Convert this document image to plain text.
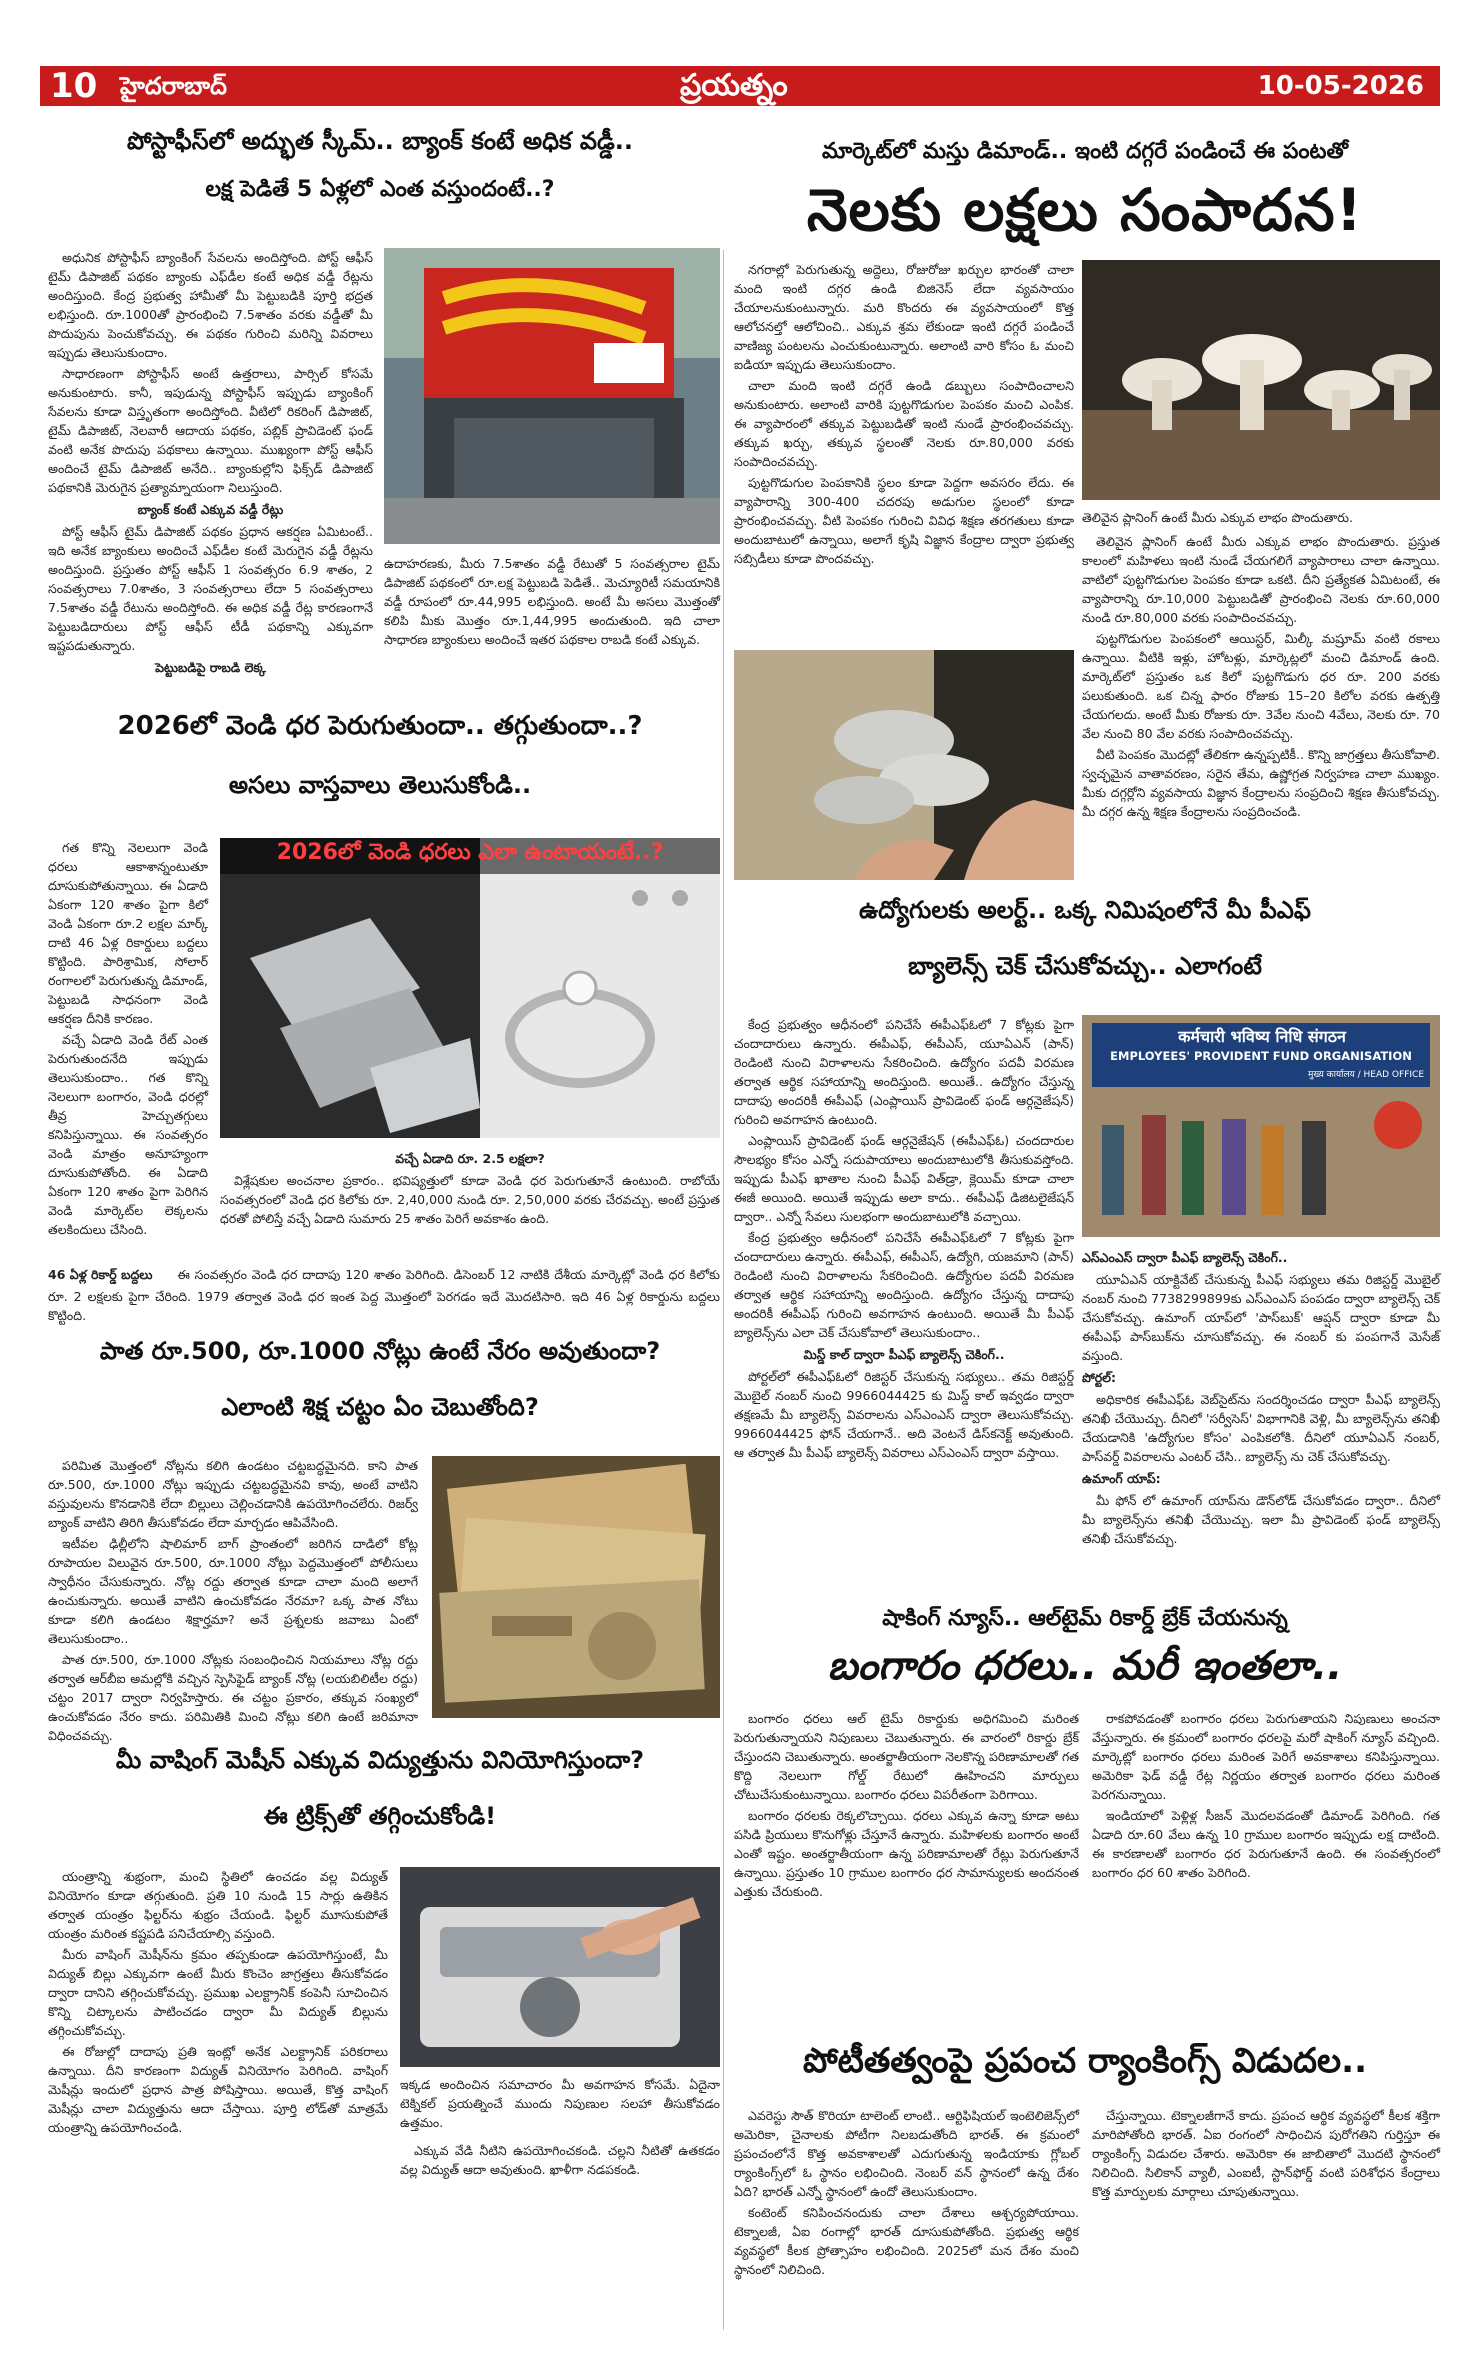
10 హైదరాబాద్	ప్రయత్నం	10-05-2026
పోస్టాఫీస్‌లో అద్భుత స్కీమ్.. బ్యాంక్ కంటే అధిక వడ్డీ..
లక్ష పెడితే 5 ఏళ్లలో ఎంత వస్తుందంటే..?

అధునిక పోస్టాఫీస్ బ్యాంకింగ్ సేవలను అందిస్తోంది. పోస్ట్ ఆఫీస్ టైమ్ డిపాజిట్ పథకం బ్యాంకు ఎఫ్‌డీల కంటే అధిక వడ్డీ రేట్లను అందిస్తుంది. కేంద్ర ప్రభుత్వ హామీతో మీ పెట్టుబడికి పూర్తి భద్రత లభిస్తుంది. రూ.1000తో ప్రారంభించి 7.5శాతం వరకు వడ్డీతో మీ పొదుపును పెంచుకోవచ్చు. ఈ పథకం గురించి మరిన్ని వివరాలు ఇప్పుడు తెలుసుకుందాం.

సాధారణంగా పోస్టాఫీస్ అంటే ఉత్తరాలు, పార్సిల్ కోసమే అనుకుంటారు. కానీ, ఇపుడున్న పోస్టాఫీస్ ఇప్పుడు బ్యాంకింగ్ సేవలను కూడా విస్తృతంగా అందిస్తోంది. వీటిలో రికరింగ్ డిపాజిట్, టైమ్ డిపాజిట్, నెలవారీ ఆదాయ పథకం, పబ్లిక్ ప్రావిడెంట్ ఫండ్ వంటి అనేక పొదుపు పథకాలు ఉన్నాయి. ముఖ్యంగా పోస్ట్ ఆఫీస్ అందించే టైమ్ డిపాజిట్ అనేది.. బ్యాంకుల్లోని ఫిక్స్‌డ్ డిపాజిట్ పథకానికి మెరుగైన ప్రత్యామ్నాయంగా నిలుస్తుంది.

బ్యాంక్ కంటే ఎక్కువ వడ్డీ రేట్లు

పోస్ట్ ఆఫీస్ టైమ్ డిపాజిట్ పథకం ప్రధాన ఆకర్షణ ఏమిటంటే.. ఇది అనేక బ్యాంకులు అందించే ఎఫ్‌డీల కంటే మెరుగైన వడ్డీ రేట్లను అందిస్తుంది. ప్రస్తుతం పోస్ట్ ఆఫీస్ 1 సంవత్సరం 6.9 శాతం, 2 సంవత్సరాలు 7.0శాతం, 3 సంవత్సరాలు లేదా 5 సంవత్సరాలు 7.5శాతం వడ్డీ రేటును అందిస్తోంది. ఈ అధిక వడ్డీ రేట్ల కారణంగానే పెట్టుబడిదారులు పోస్ట్ ఆఫీస్ టీడీ పథకాన్ని ఎక్కువగా ఇష్టపడుతున్నారు.

పెట్టుబడిపై రాబడి లెక్క

ఉదాహరణకు, మీరు 7.5శాతం వడ్డీ రేటుతో 5 సంవత్సరాల టైమ్ డిపాజిట్ పథకంలో రూ.లక్ష పెట్టుబడి పెడితే.. మెచ్యూరిటీ సమయానికి వడ్డీ రూపంలో రూ.44,995 లభిస్తుంది. అంటే మీ అసలు మొత్తంతో కలిపి మీకు మొత్తం రూ.1,44,995 అందుతుంది. ఇది చాలా సాధారణ బ్యాంకులు అందించే ఇతర పథకాల రాబడి కంటే ఎక్కువ.
2026లో వెండి ధర పెరుగుతుందా.. తగ్గుతుందా..?
అసలు వాస్తవాలు తెలుసుకోండి..

గత కొన్ని నెలలుగా వెండి ధరలు ఆకాశాన్నంటుతూ దూసుకుపోతున్నాయి. ఈ ఏడాది ఏకంగా 120 శాతం పైగా కిలో వెండి ఏకంగా రూ.2 లక్షల మార్క్ దాటి 46 ఏళ్ల రికార్డులు బద్దలు కొట్టింది. పారిశ్రామిక, సోలార్ రంగాలలో పెరుగుతున్న డిమాండ్, పెట్టుబడి సాధనంగా వెండి ఆకర్షణ దీనికి కారణం.

వచ్చే ఏడాది వెండి రేట్ ఎంత పెరుగుతుందనేది ఇప్పుడు తెలుసుకుందాం.. గత కొన్ని నెలలుగా బంగారం, వెండి ధరల్లో తీవ్ర హెచ్చుతగ్గులు కనిపిస్తున్నాయి. ఈ సంవత్సరం వెండి మాత్రం అనూహ్యంగా దూసుకుపోతోంది. ఈ ఏడాది ఏకంగా 120 శాతం పైగా పెరిగిన వెండి మార్కెట్‌ల లెక్కలను తలకిందులు చేసింది.

2026లో వెండి ధరలు ఎలా ఉంటాయంటే..?

వచ్చే ఏడాది రూ. 2.5 లక్షలా?

విశ్లేషకుల అంచనాల ప్రకారం.. భవిష్యత్తులో కూడా వెండి ధర పెరుగుతూనే ఉంటుంది. రాబోయే సంవత్సరంలో వెండి ధర కిలోకు రూ. 2,40,000 నుండి రూ. 2,50,000 వరకు చేరవచ్చు. అంటే ప్రస్తుత ధరతో పోలిస్తే వచ్చే ఏడాది సుమారు 25 శాతం పెరిగే అవకాశం ఉంది.

46 ఏళ్ల రికార్డ్ బద్దలు ఈ సంవత్సరం వెండి ధర దాదాపు 120 శాతం పెరిగింది. డిసెంబర్ 12 నాటికి దేశీయ మార్కెట్లో వెండి ధర కిలోకు రూ. 2 లక్షలకు పైగా చేరింది. 1979 తర్వాత వెండి ధర ఇంత పెద్ద మొత్తంలో పెరగడం ఇదే మొదటిసారి. ఇది 46 ఏళ్ల రికార్డును బద్దలు కొట్టింది.
పాత రూ.500, రూ.1000 నోట్లు ఉంటే నేరం అవుతుందా?
ఎలాంటి శిక్ష చట్టం ఏం చెబుతోంది?

పరిమిత మొత్తంలో నోట్లను కలిగి ఉండటం చట్టబద్ధమైనది. కాని పాత రూ.500, రూ.1000 నోట్లు ఇప్పుడు చట్టబద్ధమైనవి కావు, అంటే వాటిని వస్తువులను కొనడానికి లేదా బిల్లులు చెల్లించడానికి ఉపయోగించలేరు. రిజర్వ్ బ్యాంక్ వాటిని తిరిగి తీసుకోవడం లేదా మార్చడం ఆపివేసింది.

ఇటీవల ఢిల్లీలోని షాలిమార్ బాగ్ ప్రాంతంలో జరిగిన దాడిలో కోట్ల రూపాయల విలువైన రూ.500, రూ.1000 నోట్లు పెద్దమొత్తంలో పోలీసులు స్వాధీనం చేసుకున్నారు. నోట్ల రద్దు తర్వాత కూడా చాలా మంది అలాగే ఉంచుకున్నారు. అయితే వాటిని ఉంచుకోవడం నేరమా? ఒక్క పాత నోటు కూడా కలిగి ఉండటం శిక్షార్హమా? అనే ప్రశ్నలకు జవాబు ఏంటో తెలుసుకుందాం..

పాత రూ.500, రూ.1000 నోట్లకు సంబంధించిన నియమాలు నోట్ల రద్దు తర్వాత ఆర్‌బీఐ అమల్లోకి వచ్చిన స్పెసిఫైడ్ బ్యాంక్ నోట్ల (లయబిలిటీల రద్దు) చట్టం 2017 ద్వారా నిర్వహిస్తారు. ఈ చట్టం ప్రకారం, తక్కువ సంఖ్యలో ఉంచుకోవడం నేరం కాదు. పరిమితికి మించి నోట్లు కలిగి ఉంటే జరిమానా విధించవచ్చు.

మీ వాషింగ్ మెషీన్ ఎక్కువ విద్యుత్తును వినియోగిస్తుందా?
ఈ ట్రిక్స్‌తో తగ్గించుకోండి!

యంత్రాన్ని శుభ్రంగా, మంచి స్థితిలో ఉంచడం వల్ల విద్యుత్ వినియోగం కూడా తగ్గుతుంది. ప్రతి 10 నుండి 15 సార్లు ఉతికిన తర్వాత యంత్రం ఫిల్టర్‌ను శుభ్రం చేయండి. ఫిల్టర్ మూసుకుపోతే యంత్రం మరింత కష్టపడి పనిచేయాల్సి వస్తుంది.

మీరు వాషింగ్ మెషీన్‌ను క్రమం తప్పకుండా ఉపయోగిస్తుంటే, మీ విద్యుత్ బిల్లు ఎక్కువగా ఉంటే మీరు కొంచెం జాగ్రత్తలు తీసుకోవడం ద్వారా దానిని తగ్గించుకోవచ్చు. ప్రముఖ ఎలక్ట్రానిక్ కంపెనీ సూచించిన కొన్ని చిట్కాలను పాటించడం ద్వారా మీ విద్యుత్ బిల్లును తగ్గించుకోవచ్చు.

ఈ రోజుల్లో దాదాపు ప్రతి ఇంట్లో అనేక ఎలక్ట్రానిక్ పరికరాలు ఉన్నాయి. దీని కారణంగా విద్యుత్ వినియోగం పెరిగింది. వాషింగ్ మెషీన్లు ఇందులో ప్రధాన పాత్ర పోషిస్తాయి. అయితే, కొత్త వాషింగ్ మెషీన్లు చాలా విద్యుత్తును ఆదా చేస్తాయి. పూర్తి లోడ్‌తో మాత్రమే యంత్రాన్ని ఉపయోగించండి.

ఇక్కడ అందించిన సమాచారం మీ అవగాహన కోసమే. ఏదైనా టెక్నికల్ ప్రయత్నించే ముందు నిపుణుల సలహా తీసుకోవడం ఉత్తమం.

ఎక్కువ వేడి నీటిని ఉపయోగించకండి. చల్లని నీటితో ఉతకడం వల్ల విద్యుత్ ఆదా అవుతుంది. ఖాళీగా నడపకండి.

మార్కెట్‌లో మస్తు డిమాండ్.. ఇంటి దగ్గరే పండించే ఈ పంటతో
నెలకు లక్షలు సంపాదన!

నగరాల్లో పెరుగుతున్న అద్దెలు, రోజురోజు ఖర్చుల భారంతో చాలా మంది ఇంటి దగ్గర ఉండి బిజినెస్ లేదా వ్యవసాయం చేయాలనుకుంటున్నారు. మరి కొందరు ఈ వ్యవసాయంలో కొత్త ఆలోచనల్తో ఆలోచించి.. ఎక్కువ శ్రమ లేకుండా ఇంటి దగ్గరే పండించే వాణిజ్య పంటలను ఎంచుకుంటున్నారు. అలాంటి వారి కోసం ఓ మంచి ఐడియా ఇప్పుడు తెలుసుకుందాం.

చాలా మంది ఇంటి దగ్గరే ఉండి డబ్బులు సంపాదించాలని అనుకుంటారు. అలాంటి వారికి పుట్టగొడుగుల పెంపకం మంచి ఎంపిక. ఈ వ్యాపారంలో తక్కువ పెట్టుబడితో ఇంటి నుండే ప్రారంభించవచ్చు. తక్కువ ఖర్చు, తక్కువ స్థలంతో నెలకు రూ.80,000 వరకు సంపాదించవచ్చు.

పుట్టగొడుగుల పెంపకానికి స్థలం కూడా పెద్దగా అవసరం లేదు. ఈ వ్యాపారాన్ని 300-400 చదరపు అడుగుల స్థలంలో కూడా ప్రారంభించవచ్చు. వీటి పెంపకం గురించి వివిధ శిక్షణ తరగతులు కూడా అందుబాటులో ఉన్నాయి, అలాగే కృషి విజ్ఞాన కేంద్రాల ద్వారా ప్రభుత్వ సబ్సిడీలు కూడా పొందవచ్చు.

తెలివైన ప్లానింగ్ ఉంటే మీరు ఎక్కువ లాభం పొందుతారు.

తెలివైన ప్లానింగ్ ఉంటే మీరు ఎక్కువ లాభం పొందుతారు. ప్రస్తుత కాలంలో మహిళలు ఇంటి నుండే చేయగలిగే వ్యాపారాలు చాలా ఉన్నాయి. వాటిలో పుట్టగొడుగుల పెంపకం కూడా ఒకటి. దీని ప్రత్యేకత ఏమిటంటే, ఈ వ్యాపారాన్ని రూ.10,000 పెట్టుబడితో ప్రారంభించి నెలకు రూ.60,000 నుండి రూ.80,000 వరకు సంపాదించవచ్చు.

పుట్టగొడుగుల పెంపకంలో ఆయిస్టర్, మిల్కీ మష్రూమ్ వంటి రకాలు ఉన్నాయి. వీటికి ఇళ్లు, హోటళ్లు, మార్కెట్లలో మంచి డిమాండ్ ఉంది. మార్కెట్‌లో ప్రస్తుతం ఒక కిలో పుట్టగొడుగు ధర రూ. 200 వరకు పలుకుతుంది. ఒక చిన్న ఫారం రోజుకు 15–20 కిలోల వరకు ఉత్పత్తి చేయగలదు. అంటే మీకు రోజుకు రూ. 3వేల నుంచి 4వేలు, నెలకు రూ. 70 వేల నుంచి 80 వేల వరకు సంపాదించవచ్చు.

వీటి పెంపకం మొదట్లో తేలికగా ఉన్నప్పటికీ.. కొన్ని జాగ్రత్తలు తీసుకోవాలి. స్వచ్ఛమైన వాతావరణం, సరైన తేమ, ఉష్ణోగ్రత నిర్వహణ చాలా ముఖ్యం. మీకు దగ్గర్లోని వ్యవసాయ విజ్ఞాన కేంద్రాలను సంప్రదించి శిక్షణ తీసుకోవచ్చు. మీ దగ్గర ఉన్న శిక్షణ కేంద్రాలను సంప్రదించండి.

ఉద్యోగులకు అలర్ట్.. ఒక్క నిమిషంలోనే మీ పీఎఫ్
బ్యాలెన్స్ చెక్ చేసుకోవచ్చు.. ఎలాగంటే

కేంద్ర ప్రభుత్వం ఆధీనంలో పనిచేసే ఈపీఎఫ్‌ఓలో 7 కోట్లకు పైగా చందాదారులు ఉన్నారు. ఈపీఎఫ్, ఈపీఎస్, యూఏఎన్ (పాన్) రెండింటి నుంచి విరాళాలను సేకరించింది. ఉద్యోగం పదవీ విరమణ తర్వాత ఆర్థిక సహాయాన్ని అందిస్తుంది. అయితే.. ఉద్యోగం చేస్తున్న దాదాపు అందరికీ ఈపీఎఫ్ (ఎంప్లాయిస్ ప్రావిడెంట్ ఫండ్ ఆర్గనైజేషన్) గురించి అవగాహన ఉంటుంది.

ఎంప్లాయిస్ ప్రావిడెంట్ ఫండ్ ఆర్గనైజేషన్ (ఈపీఎఫ్‌ఓ) చందదారుల సౌలభ్యం కోసం ఎన్నో సదుపాయాలు అందుబాటులోకి తీసుకువస్తోంది. ఇప్పుడు పీఎఫ్ ఖాతాల నుంచి పీఎఫ్ విత్‌డ్రా, క్లెయిమ్ కూడా చాలా ఈజీ అయింది. అయితే ఇప్పుడు అలా కాదు.. ఈపీఎఫ్ డిజిటలైజేషన్ ద్వారా.. ఎన్నో సేవలు సులభంగా అందుబాటులోకి వచ్చాయి.

కేంద్ర ప్రభుత్వం ఆధీనంలో పనిచేసే ఈపీఎఫ్‌ఓలో 7 కోట్లకు పైగా చందాదారులు ఉన్నారు. ఈపీఎఫ్, ఈపీఎస్, ఉద్యోగి, యజమాని (పాన్) రెండింటి నుంచి విరాళాలను సేకరించింది. ఉద్యోగుల పదవీ విరమణ తర్వాత ఆర్థిక సహాయాన్ని అందిస్తుంది. ఉద్యోగం చేస్తున్న దాదాపు అందరికీ ఈపీఎఫ్ గురించి అవగాహన ఉంటుంది. అయితే మీ పీఎఫ్ బ్యాలెన్స్‌ను ఎలా చెక్ చేసుకోవాలో తెలుసుకుందాం..

మిస్డ్ కాల్ ద్వారా పీఎఫ్ బ్యాలెన్స్ చెకింగ్..

పోర్టల్‌లో ఈపీఎఫ్‌ఓలో రిజిస్టర్ చేసుకున్న సభ్యులు.. తమ రిజిస్టర్డ్ మొబైల్ నంబర్ నుంచి 9966044425 కు మిస్డ్ కాల్ ఇవ్వడం ద్వారా తక్షణమే మీ బ్యాలెన్స్ వివరాలను ఎస్ఎంఎస్ ద్వారా తెలుసుకోవచ్చు. 9966044425 ఫోన్ చేయగానే.. అది వెంటనే డిస్‌కనెక్ట్ అవుతుంది. ఆ తర్వాత మీ పీఎఫ్ బ్యాలెన్స్ వివరాలు ఎస్ఎంఎస్ ద్వారా వస్తాయి.

कर्मचारी भविष्य निधि संगठन
EMPLOYEES' PROVIDENT FUND ORGANISATION
मुख्य कार्यालय / HEAD OFFICE

ఎస్ఎంఎస్ ద్వారా పీఎఫ్ బ్యాలెన్స్ చెకింగ్..

యూఏఎన్ యాక్టివేట్ చేసుకున్న పీఎఫ్ సభ్యులు తమ రిజిస్టర్డ్ మొబైల్ నంబర్ నుంచి 7738299899కు ఎస్ఎంఎస్ పంపడం ద్వారా బ్యాలెన్స్ చెక్ చేసుకోవచ్చు. ఉమాంగ్ యాప్‌లో 'పాస్‌బుక్' ఆప్షన్ ద్వారా కూడా మీ ఈపీఎఫ్ పాస్‌బుక్‌ను చూసుకోవచ్చు. ఈ నంబర్ కు పంపగానే మెసేజ్ వస్తుంది.

పోర్టల్:

అధికారిక ఈపీఎఫ్‌ఓ వెబ్‌సైట్‌ను సందర్శించడం ద్వారా పీఎఫ్ బ్యాలెన్స్ తనిఖీ చేయొచ్చు. దీనిలో 'సర్వీసెస్' విభాగానికి వెళ్లి, మీ బ్యాలెన్స్‌ను తనిఖీ చేయడానికి 'ఉద్యోగుల కోసం' ఎంపికలోకి. దీనిలో యూఏఎన్ నంబర్, పాస్‌వర్డ్ వివరాలను ఎంటర్ చేసి.. బ్యాలెన్స్ ను చెక్ చేసుకోవచ్చు.

ఉమాంగ్ యాప్:

మీ ఫోన్ లో ఉమాంగ్ యాప్‌ను డౌన్‌లోడ్ చేసుకోవడం ద్వారా.. దీనిలో మీ బ్యాలెన్స్‌ను తనిఖీ చేయొచ్చు. ఇలా మీ ప్రావిడెంట్ ఫండ్ బ్యాలెన్స్ తనిఖీ చేసుకోవచ్చు.

షాకింగ్ న్యూస్.. ఆల్‌టైమ్ రికార్డ్ బ్రేక్ చేయనున్న
బంగారం ధరలు.. మరీ ఇంతలా..

బంగారం ధరలు ఆల్ టైమ్ రికార్డుకు అధిగమించి మరింత పెరుగుతున్నాయని నిపుణులు చెబుతున్నారు. ఈ వారంలో రికార్డు బ్రేక్ చేస్తుందని చెబుతున్నారు. అంతర్జాతీయంగా నెలకొన్న పరిణామాలతో గత కొద్ది నెలలుగా గోల్డ్ రేటులో ఊహించని మార్పులు చోటుచేసుకుంటున్నాయి. బంగారం ధరలు విపరీతంగా పెరిగాయి.

బంగారం ధరలకు రెక్కలొచ్చాయి. ధరలు ఎక్కువ ఉన్నా కూడా అటు పసిడి ప్రియులు కొనుగోళ్లు చేస్తూనే ఉన్నారు. మహిళలకు బంగారం అంటే ఎంతో ఇష్టం. అంతర్జాతీయంగా ఉన్న పరిణామాలతో రేట్లు పెరుగుతూనే ఉన్నాయి. ప్రస్తుతం 10 గ్రాముల బంగారం ధర సామాన్యులకు అందనంత ఎత్తుకు చేరుకుంది.

రాకపోవడంతో బంగారం ధరలు పెరుగుతాయని నిపుణులు అంచనా వేస్తున్నారు. ఈ క్రమంలో బంగారం ధరలపై మరో షాకింగ్ న్యూస్ వచ్చింది. మార్కెట్లో బంగారం ధరలు మరింత పెరిగే అవకాశాలు కనిపిస్తున్నాయి. అమెరికా ఫెడ్ వడ్డీ రేట్ల నిర్ణయం తర్వాత బంగారం ధరలు మరింత పెరగనున్నాయి.

ఇండియాలో పెళ్లిళ్ల సీజన్ మొదలవడంతో డిమాండ్ పెరిగింది. గత ఏడాది రూ.60 వేలు ఉన్న 10 గ్రాముల బంగారం ఇప్పుడు లక్ష దాటింది. ఈ కారణాలతో బంగారం ధర పెరుగుతూనే ఉంది. ఈ సంవత్సరంలో బంగారం ధర 60 శాతం పెరిగింది.

పోటీతత్వంపై ప్రపంచ ర్యాంకింగ్స్ విడుదల..

ఎవరెస్టు సౌత్ కొరియా టాలెంట్ లాంటి.. ఆర్టిఫిషియల్ ఇంటెలిజెన్స్‌లో అమెరికా, చైనాలకు పోటీగా నిలబడుతోంది భారత్. ఈ క్రమంలో ప్రపంచంలోనే కొత్త అవకాశాలతో ఎదుగుతున్న ఇండియాకు గ్లోబల్ ర్యాంకింగ్స్‌లో ఓ స్థానం లభించింది. నెంబర్ వన్ స్థానంలో ఉన్న దేశం ఏది? భారత్ ఎన్నో స్థానంలో ఉందో తెలుసుకుందాం.

కంటెంట్ కనిపించనందుకు చాలా దేశాలు ఆశ్చర్యపోయాయి. టెక్నాలజీ, ఏఐ రంగాల్లో భారత్ దూసుకుపోతోంది. ప్రభుత్వ ఆర్థిక వ్యవస్థలో కీలక ప్రోత్సాహం లభించింది. 2025లో మన దేశం మంచి స్థానంలో నిలిచింది.

చేస్తున్నాయి. టెక్నాలజీగానే కాదు. ప్రపంచ ఆర్థిక వ్యవస్థలో కీలక శక్తిగా మారిపోతోంది భారత్. ఏఐ రంగంలో సాధించిన పురోగతిని గుర్తిస్తూ ఈ ర్యాంకింగ్స్ విడుదల చేశారు. అమెరికా ఈ జాబితాలో మొదటి స్థానంలో నిలిచింది. సిలికాన్ వ్యాలీ, ఎంఐటీ, స్టాన్‌ఫోర్డ్ వంటి పరిశోధన కేంద్రాలు కొత్త మార్పులకు మార్గాలు చూపుతున్నాయి.
